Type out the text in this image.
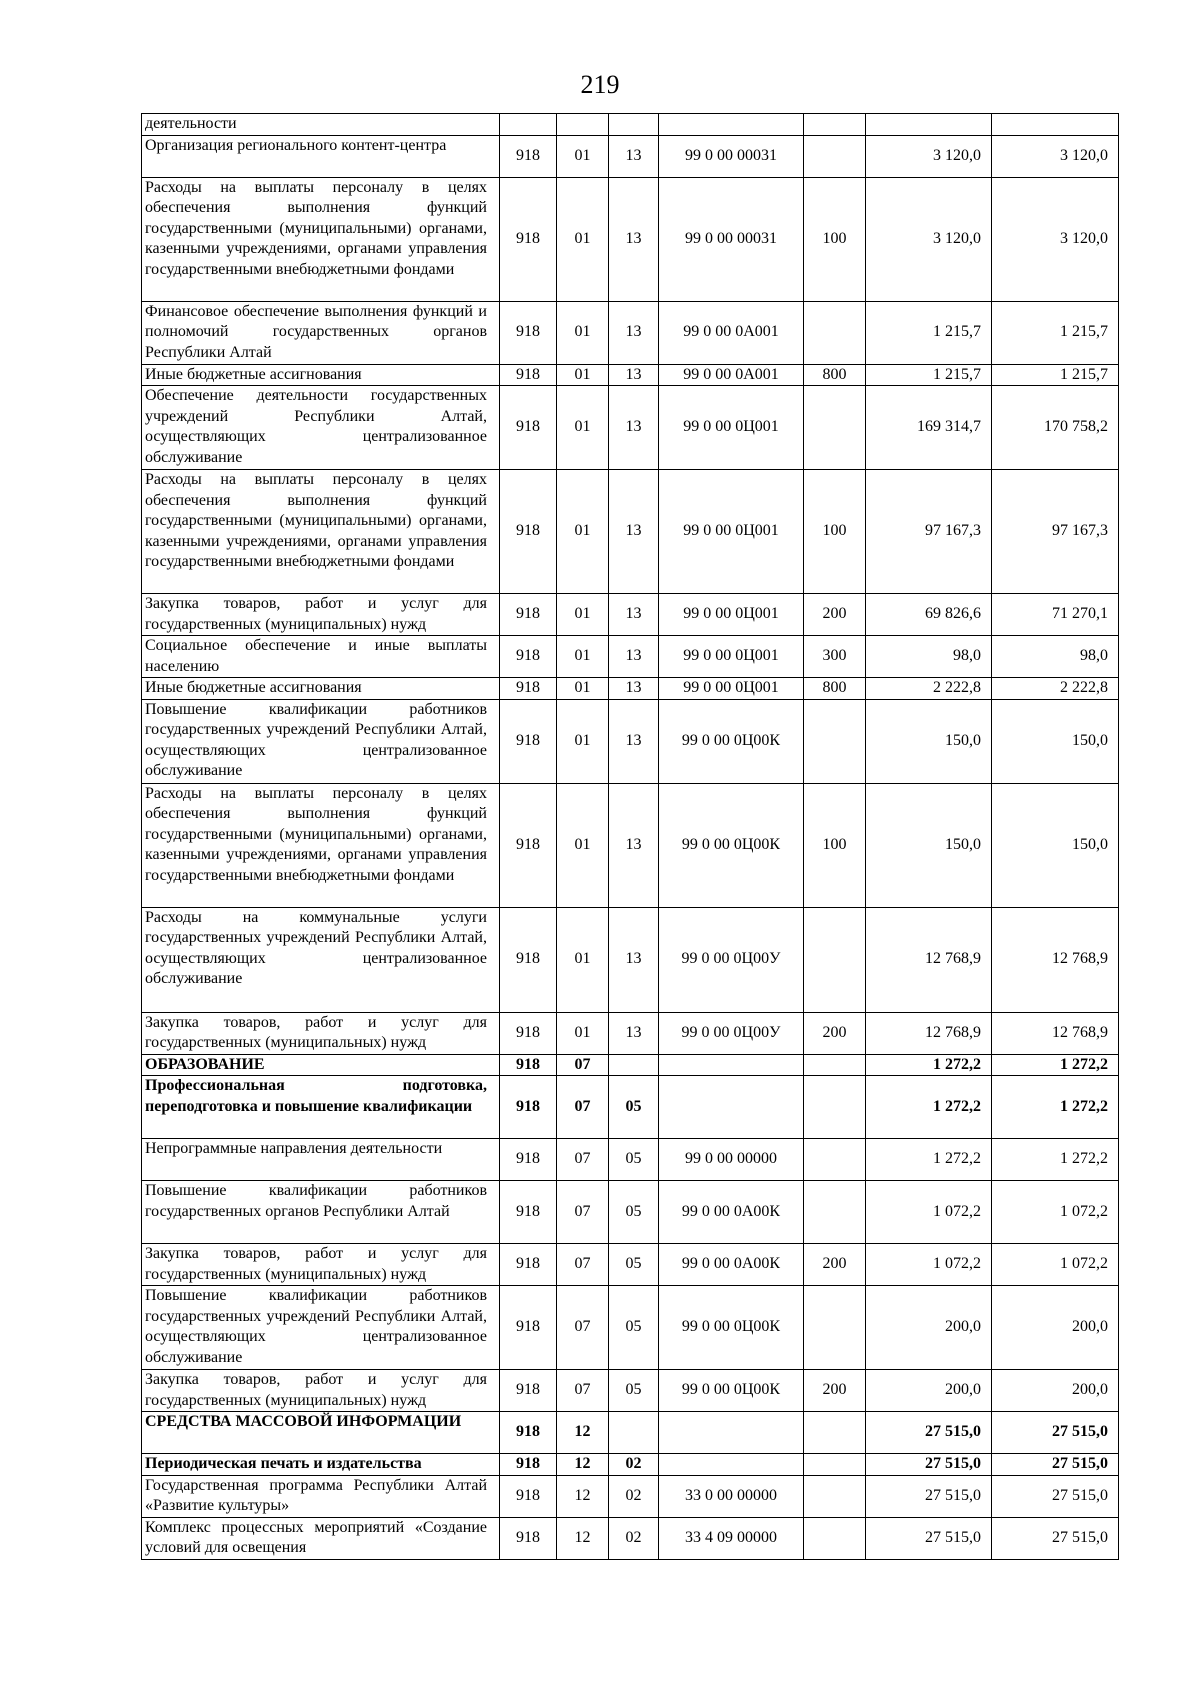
219
деятельности							
Организация регионального контент-центра	918	01	13	99 0 00 00031		3 120,0	3 120,0
Расходы на выплаты персоналу в целях обеспечения выполнения функций государственными (муниципальными) органами, казенными учреждениями, органами управления государственными внебюджетными фондами	918	01	13	99 0 00 00031	100	3 120,0	3 120,0
Финансовое обеспечение выполнения функций и полномочий государственных органов Республики Алтай	918	01	13	99 0 00 0А001		1 215,7	1 215,7
Иные бюджетные ассигнования	918	01	13	99 0 00 0А001	800	1 215,7	1 215,7
Обеспечение деятельности государственных учреждений Республики Алтай, осуществляющих централизованное обслуживание	918	01	13	99 0 00 0Ц001		169 314,7	170 758,2
Расходы на выплаты персоналу в целях обеспечения выполнения функций государственными (муниципальными) органами, казенными учреждениями, органами управления государственными внебюджетными фондами	918	01	13	99 0 00 0Ц001	100	97 167,3	97 167,3
Закупка товаров, работ и услуг для государственных (муниципальных) нужд	918	01	13	99 0 00 0Ц001	200	69 826,6	71 270,1
Социальное обеспечение и иные выплаты населению	918	01	13	99 0 00 0Ц001	300	98,0	98,0
Иные бюджетные ассигнования	918	01	13	99 0 00 0Ц001	800	2 222,8	2 222,8
Повышение квалификации работников государственных учреждений Республики Алтай, осуществляющих централизованное обслуживание	918	01	13	99 0 00 0Ц00К		150,0	150,0
Расходы на выплаты персоналу в целях обеспечения выполнения функций государственными (муниципальными) органами, казенными учреждениями, органами управления государственными внебюджетными фондами	918	01	13	99 0 00 0Ц00К	100	150,0	150,0
Расходы на коммунальные услуги государственных учреждений Республики Алтай, осуществляющих централизованное обслуживание	918	01	13	99 0 00 0Ц00У		12 768,9	12 768,9
Закупка товаров, работ и услуг для государственных (муниципальных) нужд	918	01	13	99 0 00 0Ц00У	200	12 768,9	12 768,9
ОБРАЗОВАНИЕ	918	07				1 272,2	1 272,2
Профессиональная подготовка, переподготовка и повышение квалификации	918	07	05			1 272,2	1 272,2
Непрограммные направления деятельности	918	07	05	99 0 00 00000		1 272,2	1 272,2
Повышение квалификации работников государственных органов Республики Алтай	918	07	05	99 0 00 0А00К		1 072,2	1 072,2
Закупка товаров, работ и услуг для государственных (муниципальных) нужд	918	07	05	99 0 00 0А00К	200	1 072,2	1 072,2
Повышение квалификации работников государственных учреждений Республики Алтай, осуществляющих централизованное обслуживание	918	07	05	99 0 00 0Ц00К		200,0	200,0
Закупка товаров, работ и услуг для государственных (муниципальных) нужд	918	07	05	99 0 00 0Ц00К	200	200,0	200,0
СРЕДСТВА МАССОВОЙ ИНФОРМАЦИИ	918	12				27 515,0	27 515,0
Периодическая печать и издательства	918	12	02			27 515,0	27 515,0
Государственная программа Республики Алтай «Развитие культуры»	918	12	02	33 0 00 00000		27 515,0	27 515,0
Комплекс процессных мероприятий «Создание условий для освещения	918	12	02	33 4 09 00000		27 515,0	27 515,0
